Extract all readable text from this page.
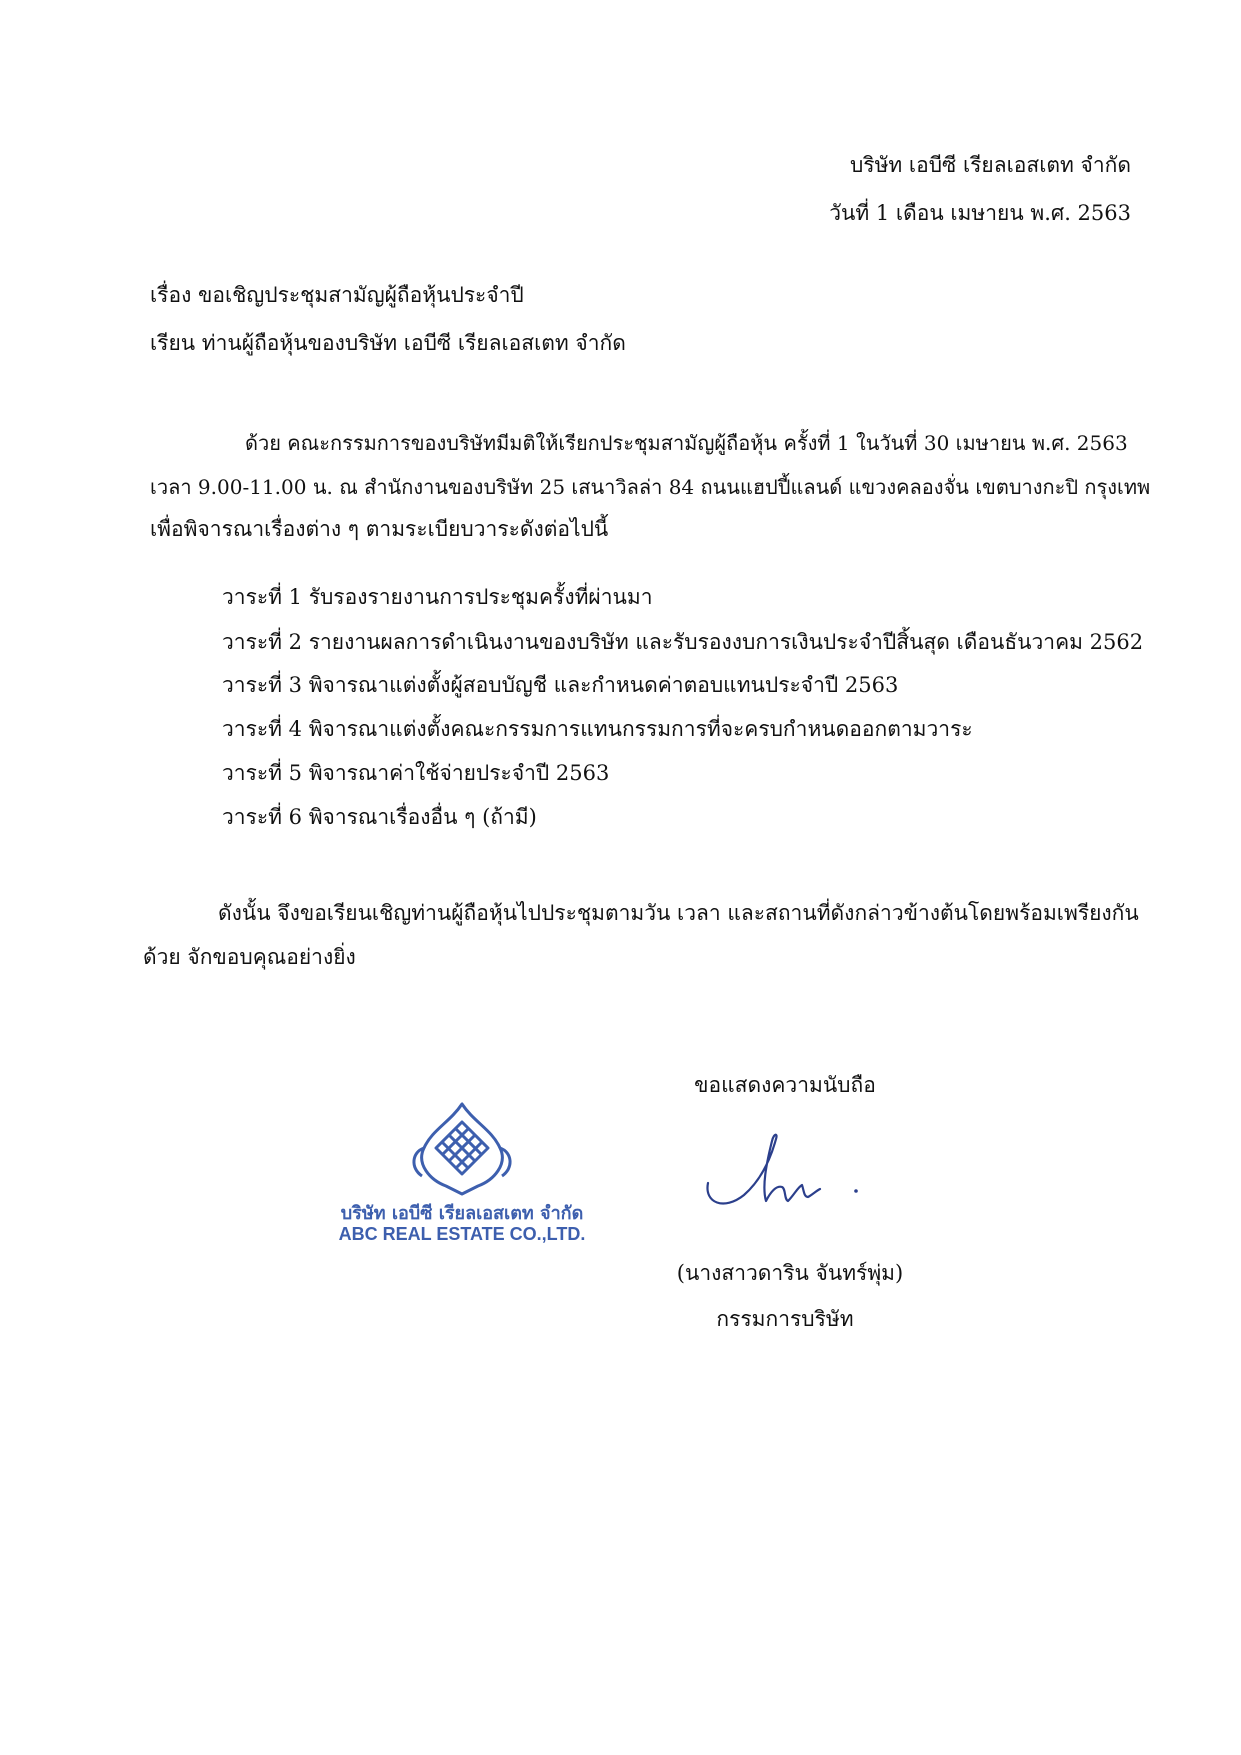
บริษัท เอบีซี เรียลเอสเตท จำกัด
วันที่ 1 เดือน เมษายน พ.ศ. 2563
เรื่อง ขอเชิญประชุมสามัญผู้ถือหุ้นประจำปี
เรียน ท่านผู้ถือหุ้นของบริษัท เอบีซี เรียลเอสเตท จำกัด
ด้วย คณะกรรมการของบริษัทมีมติให้เรียกประชุมสามัญผู้ถือหุ้น ครั้งที่ 1 ในวันที่ 30 เมษายน พ.ศ. 2563
เวลา 9.00-11.00 น. ณ สำนักงานของบริษัท 25 เสนาวิลล่า 84 ถนนแฮปปี้แลนด์ แขวงคลองจั่น เขตบางกะปิ กรุงเทพ
เพื่อพิจารณาเรื่องต่าง ๆ ตามระเบียบวาระดังต่อไปนี้
วาระที่ 1 รับรองรายงานการประชุมครั้งที่ผ่านมา
วาระที่ 2 รายงานผลการดำเนินงานของบริษัท และรับรองงบการเงินประจำปีสิ้นสุด เดือนธันวาคม 2562
วาระที่ 3 พิจารณาแต่งตั้งผู้สอบบัญชี และกำหนดค่าตอบแทนประจำปี 2563
วาระที่ 4 พิจารณาแต่งตั้งคณะกรรมการแทนกรรมการที่จะครบกำหนดออกตามวาระ
วาระที่ 5 พิจารณาค่าใช้จ่ายประจำปี 2563
วาระที่ 6 พิจารณาเรื่องอื่น ๆ (ถ้ามี)
ดังนั้น จึงขอเรียนเชิญท่านผู้ถือหุ้นไปประชุมตามวัน เวลา และสถานที่ดังกล่าวข้างต้นโดยพร้อมเพรียงกัน
ด้วย จักขอบคุณอย่างยิ่ง
บริษัท เอบีซี เรียลเอสเตท จำกัด
ABC REAL ESTATE CO.,LTD.
ขอแสดงความนับถือ
(นางสาวดาริน จันทร์พุ่ม)
กรรมการบริษัท
